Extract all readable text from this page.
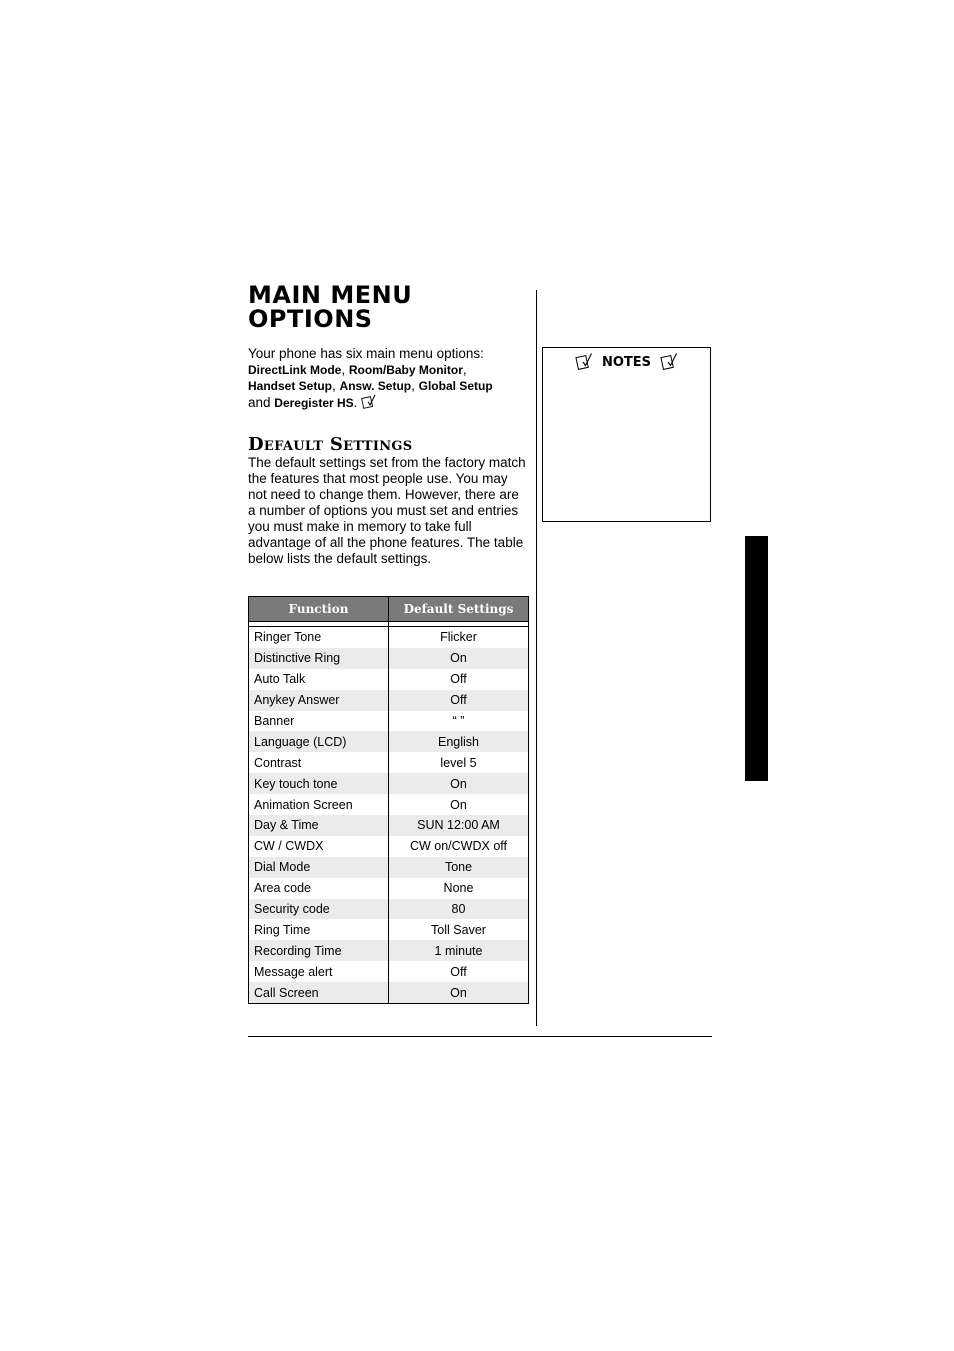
MAIN MENU
OPTIONS
Your phone has six main menu options:
DirectLink Mode, Room/Baby Monitor,
Handset Setup, Answ. Setup, Global Setup
and Deregister HS.
Default Settings

The default settings set from the factory match the features that most people use. You may not need to change them. However, there are a number of options you must set and entries you must make in memory to take full advantage of all the phone features. The table below lists the default settings.

Function	Default Settings

Ringer Tone	Flicker
Distinctive Ring	On
Auto Talk	Off
Anykey Answer	Off
Banner	“ ”
Language (LCD)	English
Contrast	level 5
Key touch tone	On
Animation Screen	On
Day & Time	SUN 12:00 AM
CW / CWDX	CW on/CWDX off
Dial Mode	Tone
Area code	None
Security code	80
Ring Time	Toll Saver
Recording Time	1 minute
Message alert	Off
Call Screen	On
NOTES
